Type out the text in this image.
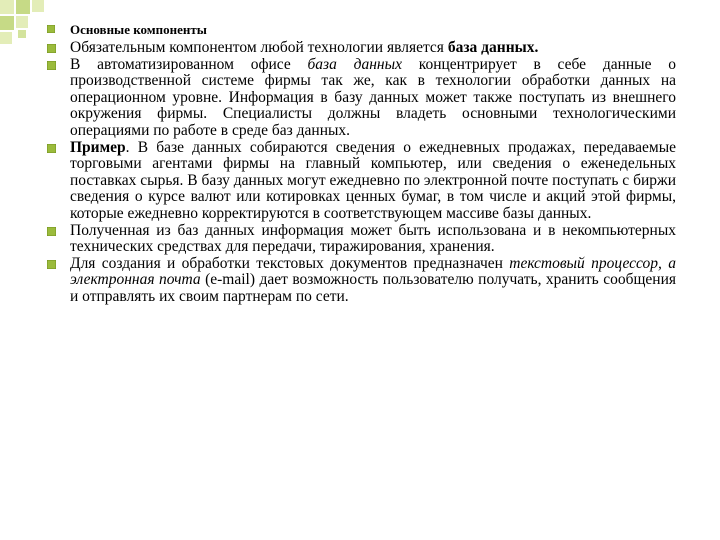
Основные компоненты
Обязательным компонентом любой технологии является база данных.
В автоматизированном офисе база данных концентрирует в себе данные о производственной системе фирмы так же, как в технологии обработки данных на операционном уровне. Информация в базу данных может также поступать из внешнего окружения фирмы. Специалисты должны владеть основными технологическими операциями по работе в среде баз данных.
Пример. В базе данных собираются сведения о ежедневных продажах, передаваемые торговыми агентами фирмы на главный компьютер, или сведения о еженедельных поставках сырья. В базу данных могут ежедневно по электронной почте поступать с биржи сведения о курсе валют или котировках ценных бумаг, в том числе и акций этой фирмы, которые ежедневно корректируются в соответствующем массиве базы данных.
Полученная из баз данных информация может быть использована и в некомпьютерных технических средствах для передачи, тиражирования, хранения.
Для создания и обработки текстовых документов предназначен текстовый процессор, а электронная почта (e-mail) дает возможность пользователю получать, хранить сообщения и отправлять их своим партнерам по сети.
